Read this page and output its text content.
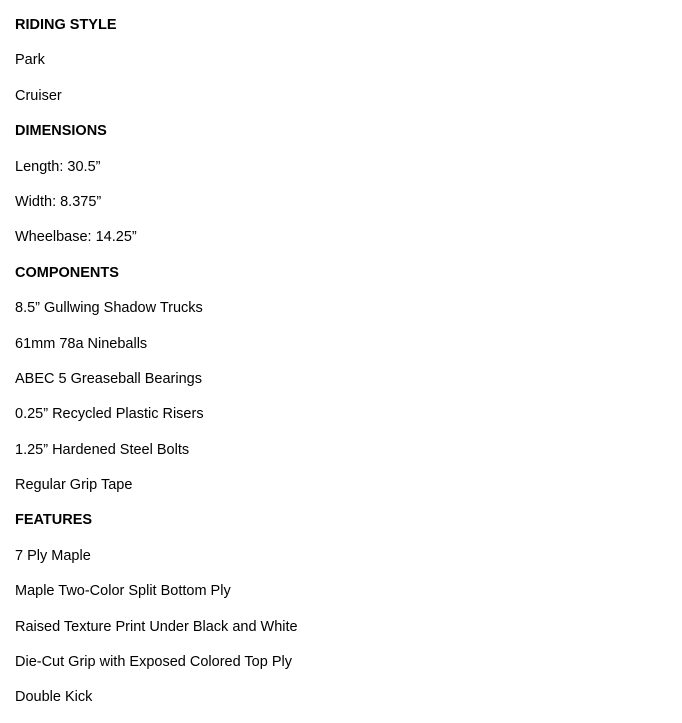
RIDING STYLE
Park
Cruiser
DIMENSIONS
Length: 30.5”
Width: 8.375”
Wheelbase: 14.25”
COMPONENTS
8.5” Gullwing Shadow Trucks
61mm 78a Nineballs
ABEC 5 Greaseball Bearings
0.25” Recycled Plastic Risers
1.25” Hardened Steel Bolts
Regular Grip Tape
FEATURES
7 Ply Maple
Maple Two-Color Split Bottom Ply
Raised Texture Print Under Black and White
Die-Cut Grip with Exposed Colored Top Ply
Double Kick
